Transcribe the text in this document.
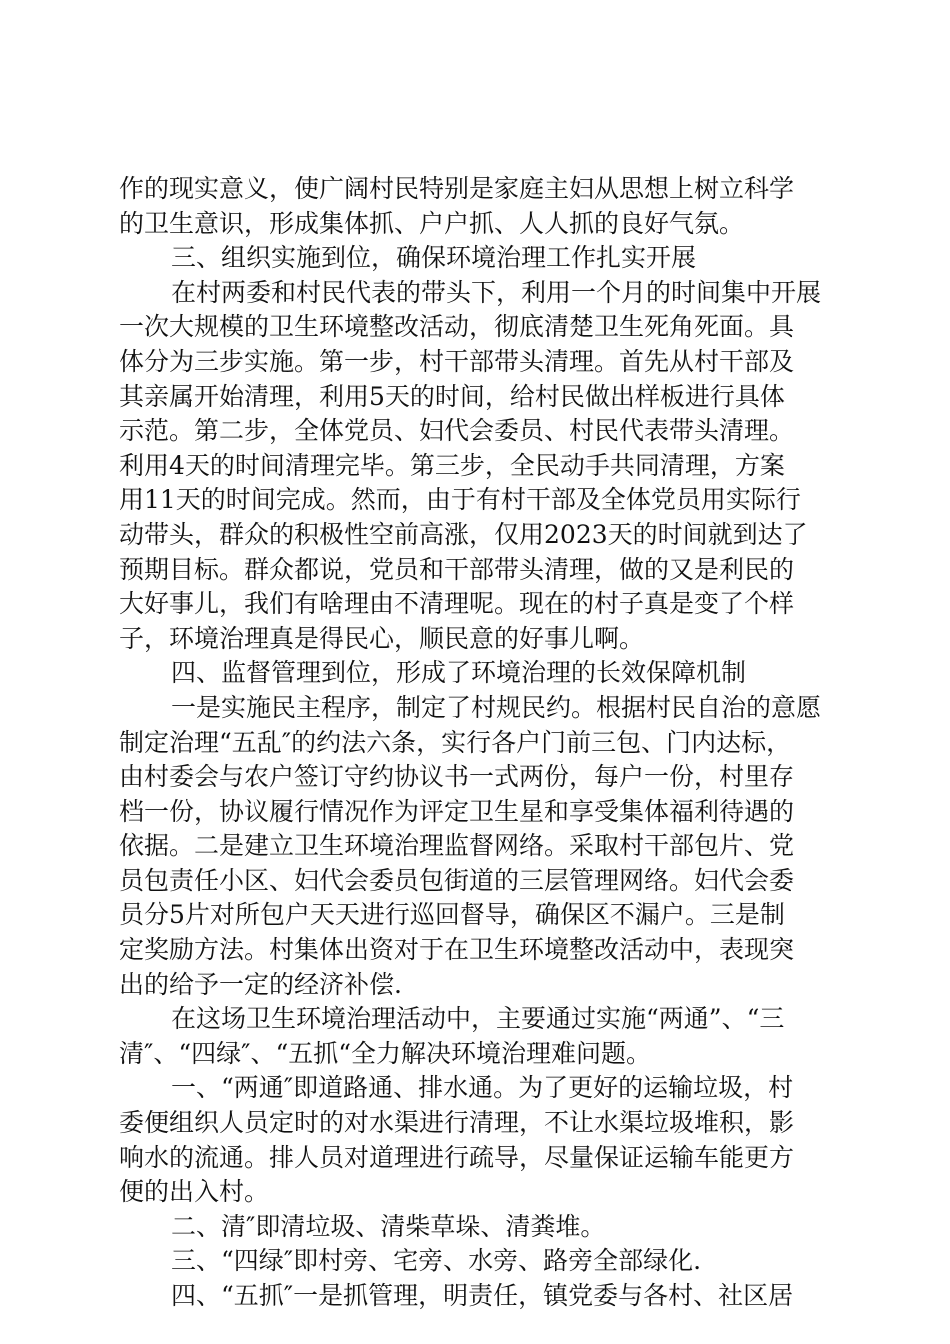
作的现实意义，使广阔村民特别是家庭主妇从思想上树立科学
的卫生意识，形成集体抓、户户抓、人人抓的良好气氛。
三、组织实施到位，确保环境治理工作扎实开展
在村两委和村民代表的带头下，利用一个月的时间集中开展
一次大规模的卫生环境整改活动，彻底清楚卫生死角死面。具
体分为三步实施。第一步，村干部带头清理。首先从村干部及
其亲属开始清理，利用5天的时间，给村民做出样板进行具体
示范。第二步，全体党员、妇代会委员、村民代表带头清理。
利用4天的时间清理完毕。第三步，全民动手共同清理，方案
用11天的时间完成。然而，由于有村干部及全体党员用实际行
动带头，群众的积极性空前高涨，仅用2023天的时间就到达了
预期目标。群众都说，党员和干部带头清理，做的又是利民的
大好事儿，我们有啥理由不清理呢。现在的村子真是变了个样
子，环境治理真是得民心，顺民意的好事儿啊。
四、监督管理到位，形成了环境治理的长效保障机制
一是实施民主程序，制定了村规民约。根据村民自治的意愿
制定治理“五乱″的约法六条，实行各户门前三包、门内达标，
由村委会与农户签订守约协议书一式两份，每户一份，村里存
档一份，协议履行情况作为评定卫生星和享受集体福利待遇的
依据。二是建立卫生环境治理监督网络。采取村干部包片、党
员包责任小区、妇代会委员包街道的三层管理网络。妇代会委
员分5片对所包户天天进行巡回督导，确保区不漏户。三是制
定奖励方法。村集体出资对于在卫生环境整改活动中，表现突
出的给予一定的经济补偿.
在这场卫生环境治理活动中，主要通过实施“两通”、“三
清″、“四绿″、“五抓“全力解决环境治理难问题。
一、“两通″即道路通、排水通。为了更好的运输垃圾，村
委便组织人员定时的对水渠进行清理，不让水渠垃圾堆积，影
响水的流通。排人员对道理进行疏导，尽量保证运输车能更方
便的出入村。
二、清″即清垃圾、清柴草垛、清粪堆。
三、“四绿″即村旁、宅旁、水旁、路旁全部绿化.
四、“五抓″一是抓管理，明责任，镇党委与各村、社区居
